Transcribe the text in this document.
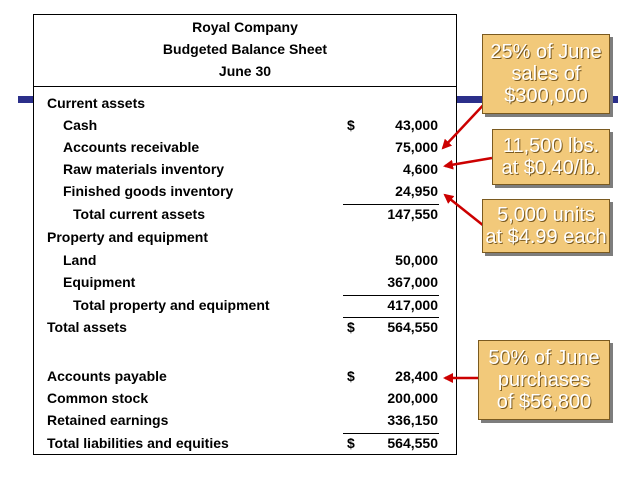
Royal Company
Budgeted Balance Sheet
June 30
Current assets
Cash	$	43,000
Accounts receivable	75,000
Raw materials inventory	4,600
Finished goods inventory	24,950
Total current assets	147,550
Property and equipment
Land	50,000
Equipment	367,000
Total property and equipment	417,000
Total assets	$ 564,550
Accounts payable	$	28,400
Common stock	200,000
Retained earnings	336,150
Total liabilities and equities	$ 564,550
25% of June
sales of
$300,000
11,500 lbs.
at $0.40/lb.
5,000 units
at $4.99 each
50% of June
purchases
of $56,800
